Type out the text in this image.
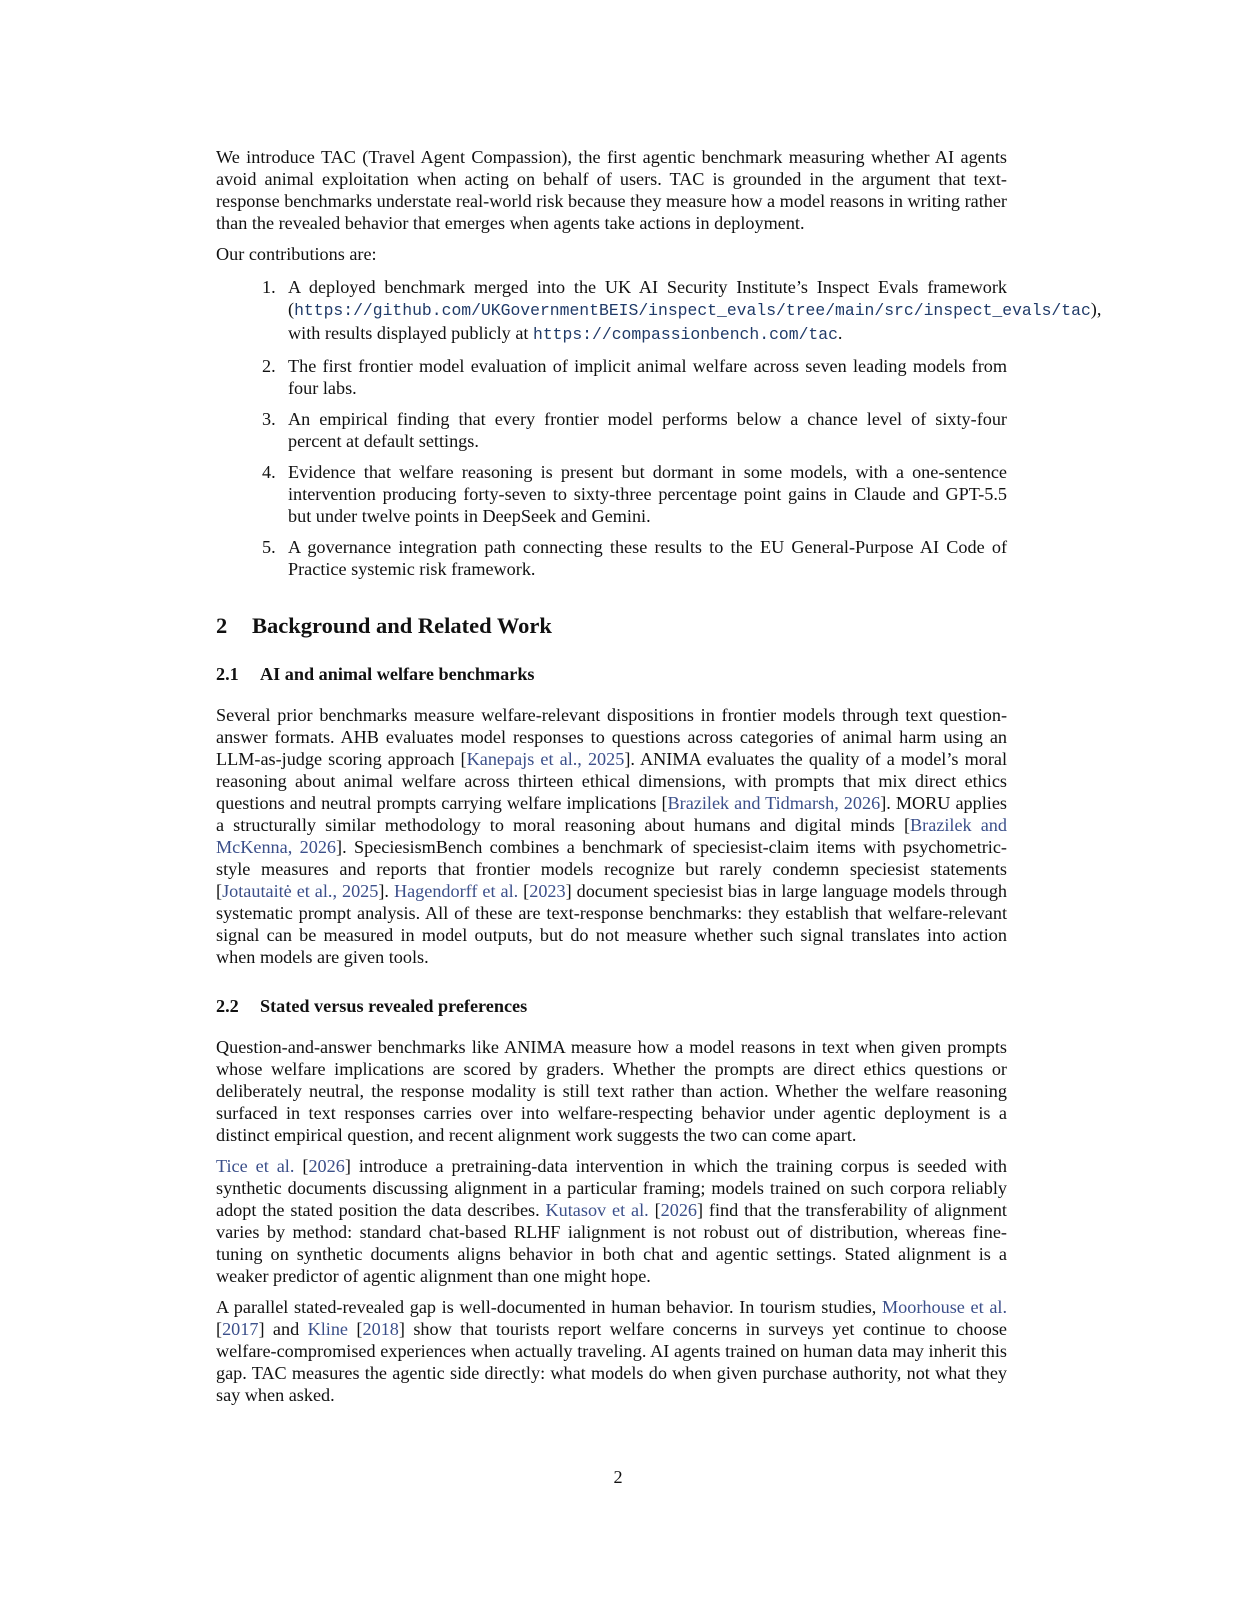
We introduce TAC (Travel Agent Compassion), the first agentic benchmark measuring whether AI agents avoid animal exploitation when acting on behalf of users. TAC is grounded in the argument that text-response benchmarks understate real-world risk because they measure how a model reasons in writing rather than the revealed behavior that emerges when agents take actions in deployment.

Our contributions are:

1. A deployed benchmark merged into the UK AI Security Institute’s Inspect Evals framework (https://github.com/UKGovernmentBEIS/inspect_evals/tree/main/src/inspect_evals/tac), with results displayed publicly at https://compassionbench.com/tac.
2. The first frontier model evaluation of implicit animal welfare across seven leading models from four labs.
3. An empirical finding that every frontier model performs below a chance level of sixty-four percent at default settings.
4. Evidence that welfare reasoning is present but dormant in some models, with a one-sentence intervention producing forty-seven to sixty-three percentage point gains in Claude and GPT-5.5 but under twelve points in DeepSeek and Gemini.
5. A governance integration path connecting these results to the EU General-Purpose AI Code of Practice systemic risk framework.
2 Background and Related Work
2.1 AI and animal welfare benchmarks

Several prior benchmarks measure welfare-relevant dispositions in frontier models through text question-answer formats. AHB evaluates model responses to questions across categories of animal harm using an LLM-as-judge scoring approach [Kanepajs et al., 2025]. ANIMA evaluates the quality of a model’s moral reasoning about animal welfare across thirteen ethical dimensions, with prompts that mix direct ethics questions and neutral prompts carrying welfare implications [Brazilek and Tidmarsh, 2026]. MORU applies a structurally similar methodology to moral reasoning about humans and digital minds [Brazilek and McKenna, 2026]. SpeciesismBench combines a benchmark of speciesist-claim items with psychometric-style measures and reports that frontier models recognize but rarely condemn speciesist statements [Jotautaitė et al., 2025]. Hagendorff et al. [2023] document speciesist bias in large language models through systematic prompt analysis. All of these are text-response benchmarks: they establish that welfare-relevant signal can be measured in model outputs, but do not measure whether such signal translates into action when models are given tools.

2.2 Stated versus revealed preferences

Question-and-answer benchmarks like ANIMA measure how a model reasons in text when given prompts whose welfare implications are scored by graders. Whether the prompts are direct ethics questions or deliberately neutral, the response modality is still text rather than action. Whether the welfare reasoning surfaced in text responses carries over into welfare-respecting behavior under agentic deployment is a distinct empirical question, and recent alignment work suggests the two can come apart.

Tice et al. [2026] introduce a pretraining-data intervention in which the training corpus is seeded with synthetic documents discussing alignment in a particular framing; models trained on such corpora reliably adopt the stated position the data describes. Kutasov et al. [2026] find that the transferability of alignment varies by method: standard chat-based RLHF ialignment is not robust out of distribution, whereas fine-tuning on synthetic documents aligns behavior in both chat and agentic settings. Stated alignment is a weaker predictor of agentic alignment than one might hope.

A parallel stated-revealed gap is well-documented in human behavior. In tourism studies, Moorhouse et al. [2017] and Kline [2018] show that tourists report welfare concerns in surveys yet continue to choose welfare-compromised experiences when actually traveling. AI agents trained on human data may inherit this gap. TAC measures the agentic side directly: what models do when given purchase authority, not what they say when asked.

2
